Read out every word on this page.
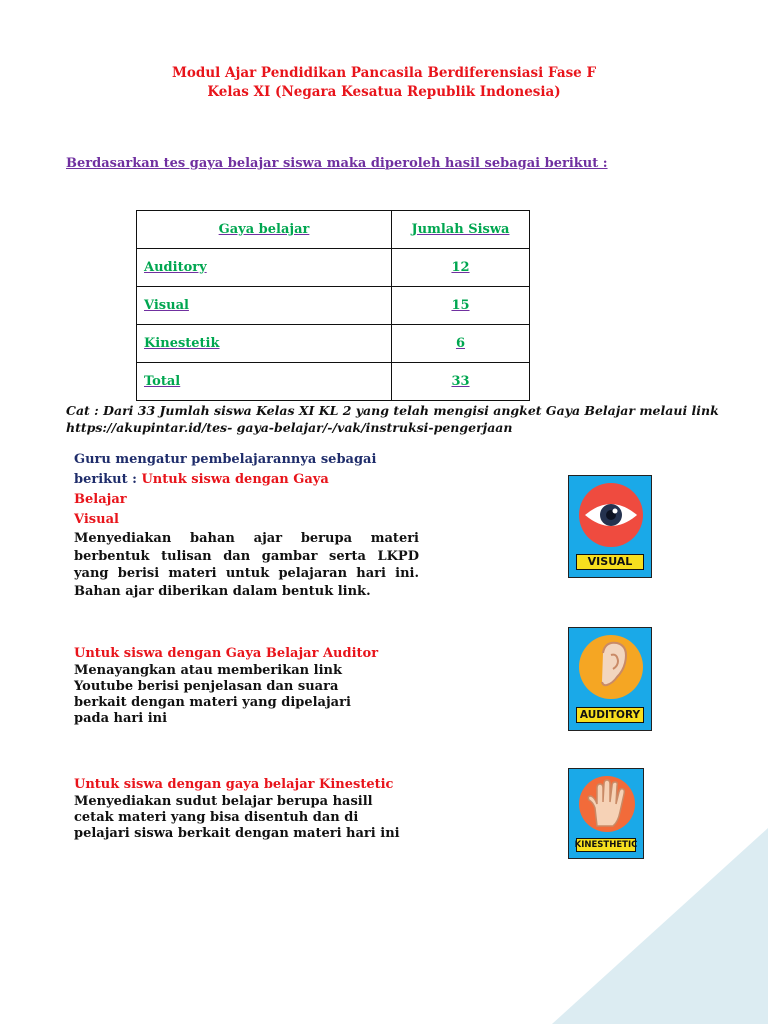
Modul Ajar Pendidikan Pancasila Berdiferensiasi Fase F
Kelas XI (Negara Kesatua Republik Indonesia)
Berdasarkan tes gaya belajar siswa maka diperoleh hasil sebagai berikut :
Gaya belajar	Jumlah Siswa
Auditory	12
Visual	15
Kinestetik	6
Total	33
Cat : Dari 33 Jumlah siswa Kelas XI KL 2 yang telah mengisi angket Gaya Belajar melaui link
https://akupintar.id/tes- gaya-belajar/-/vak/instruksi-pengerjaan
Guru mengatur pembelajarannya sebagai
berikut : Untuk siswa dengan Gaya
Belajar
Visual
Menyediakan bahan ajar berupa materi berbentuk tulisan dan gambar serta LKPD yang berisi materi untuk pelajaran hari ini. Bahan ajar diberikan dalam bentuk link.
VISUAL
Untuk siswa dengan Gaya Belajar Auditor
Menayangkan atau memberikan link
Youtube berisi penjelasan dan suara
berkait dengan materi yang dipelajari
pada hari ini	AUDITORY
Untuk siswa dengan gaya belajar Kinestetic
Menyediakan sudut belajar berupa hasill
cetak materi yang bisa disentuh dan di
pelajari siswa berkait dengan materi hari ini
KINESTHETIC
